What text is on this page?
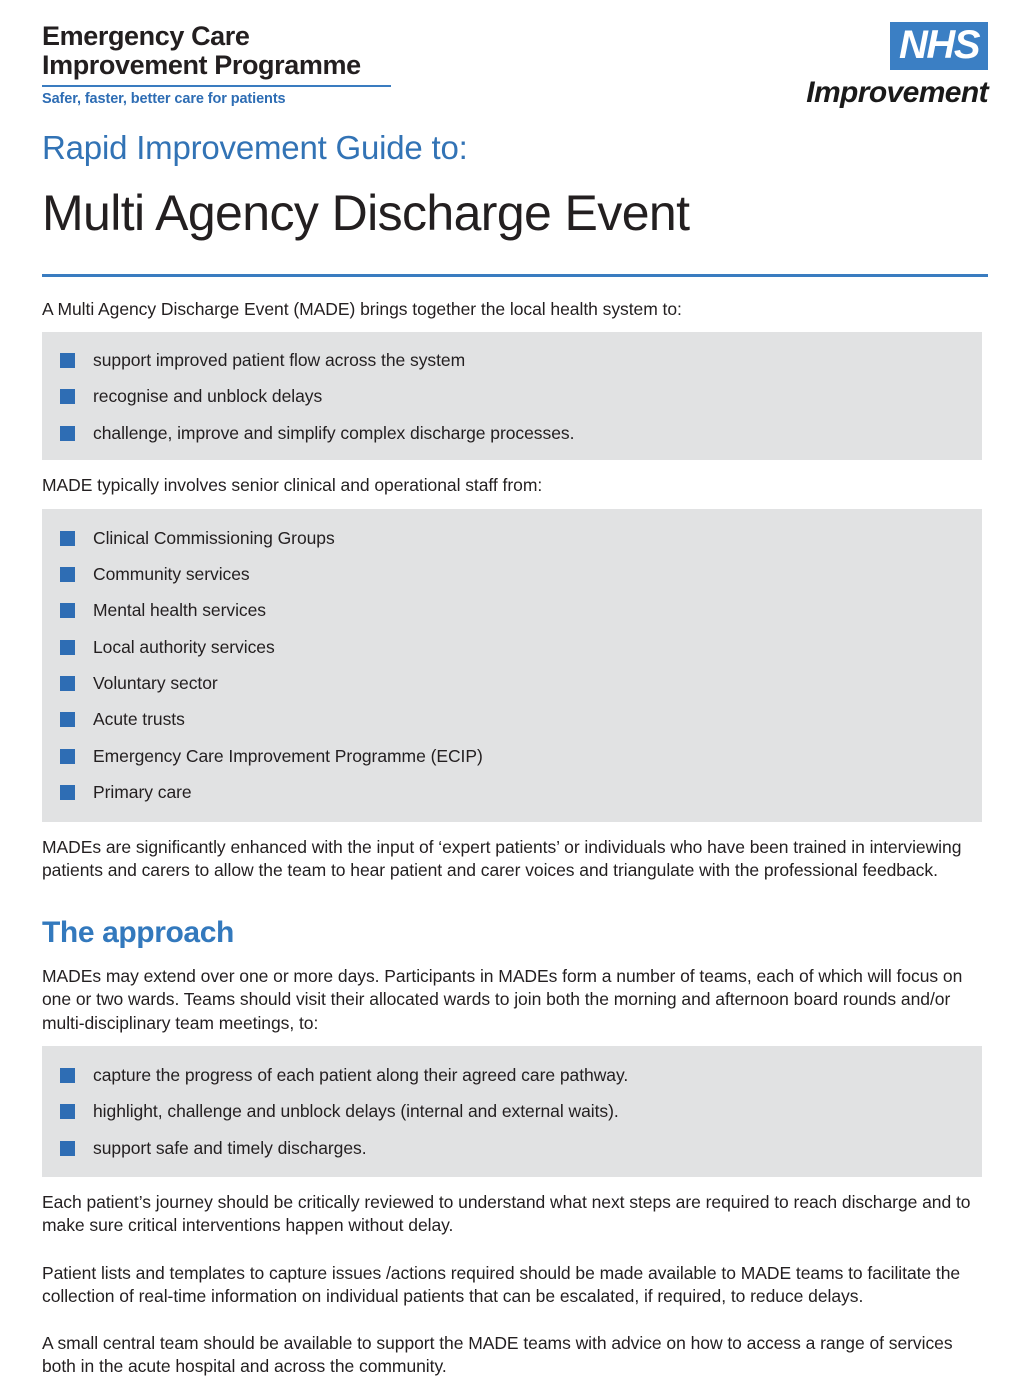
Emergency Care
Improvement Programme
Safer, faster, better care for patients
NHS
Improvement
Rapid Improvement Guide to:
Multi Agency Discharge Event

A Multi Agency Discharge Event (MADE) brings together the local health system to:

support improved patient flow across the system
recognise and unblock delays
challenge, improve and simplify complex discharge processes.

MADE typically involves senior clinical and operational staff from:

Clinical Commissioning Groups
Community services
Mental health services
Local authority services
Voluntary sector
Acute trusts
Emergency Care Improvement Programme (ECIP)
Primary care

MADEs are significantly enhanced with the input of ‘expert patients’ or individuals who have been trained in interviewing patients and carers to allow the team to hear patient and carer voices and triangulate with the professional feedback.

The approach

MADEs may extend over one or more days. Participants in MADEs form a number of teams, each of which will focus on one or two wards. Teams should visit their allocated wards to join both the morning and afternoon board rounds and/or multi-disciplinary team meetings, to:

capture the progress of each patient along their agreed care pathway.
highlight, challenge and unblock delays (internal and external waits).
support safe and timely discharges.

Each patient’s journey should be critically reviewed to understand what next steps are required to reach discharge and to make sure critical interventions happen without delay.

Patient lists and templates to capture issues /actions required should be made available to MADE teams to facilitate the collection of real-time information on individual patients that can be escalated, if required, to reduce delays.

A small central team should be available to support the MADE teams with advice on how to access a range of services both in the acute hospital and across the community.
